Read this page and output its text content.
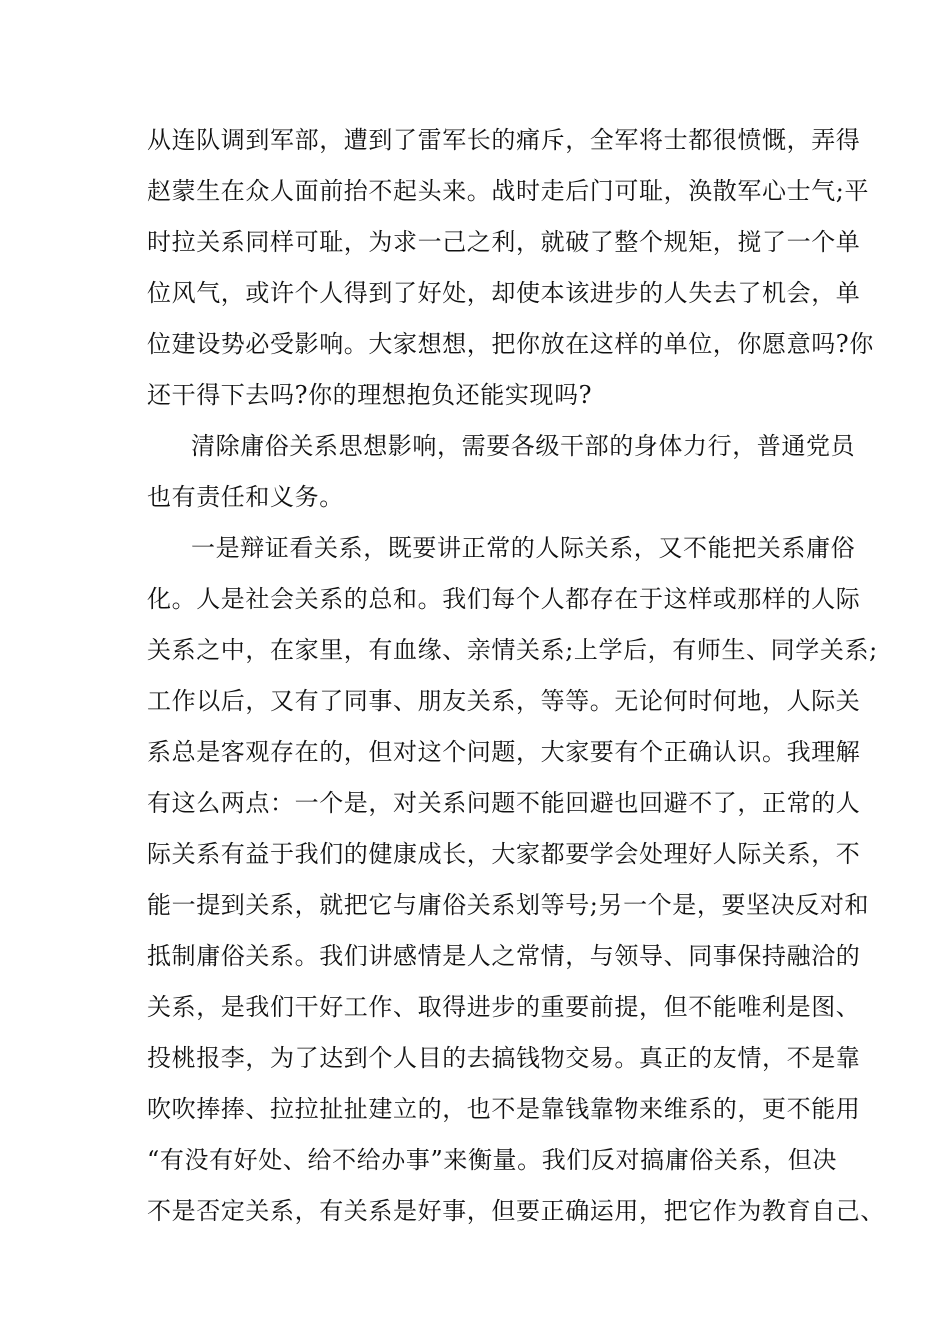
从连队调到军部，遭到了雷军长的痛斥，全军将士都很愤慨，弄得
赵蒙生在众人面前抬不起头来。战时走后门可耻，涣散军心士气;平
时拉关系同样可耻，为求一己之利，就破了整个规矩，搅了一个单
位风气，或许个人得到了好处，却使本该进步的人失去了机会，单
位建设势必受影响。大家想想，把你放在这样的单位，你愿意吗?你
还干得下去吗?你的理想抱负还能实现吗?
清除庸俗关系思想影响，需要各级干部的身体力行，普通党员
也有责任和义务。
一是辩证看关系，既要讲正常的人际关系，又不能把关系庸俗
化。人是社会关系的总和。我们每个人都存在于这样或那样的人际
关系之中，在家里，有血缘、亲情关系;上学后，有师生、同学关系;
工作以后，又有了同事、朋友关系，等等。无论何时何地，人际关
系总是客观存在的，但对这个问题，大家要有个正确认识。我理解
有这么两点：一个是，对关系问题不能回避也回避不了，正常的人
际关系有益于我们的健康成长，大家都要学会处理好人际关系，不
能一提到关系，就把它与庸俗关系划等号;另一个是，要坚决反对和
抵制庸俗关系。我们讲感情是人之常情，与领导、同事保持融洽的
关系，是我们干好工作、取得进步的重要前提，但不能唯利是图、
投桃报李，为了达到个人目的去搞钱物交易。真正的友情，不是靠
吹吹捧捧、拉拉扯扯建立的，也不是靠钱靠物来维系的，更不能用
“有没有好处、给不给办事”来衡量。我们反对搞庸俗关系，但决
不是否定关系，有关系是好事，但要正确运用，把它作为教育自己、
